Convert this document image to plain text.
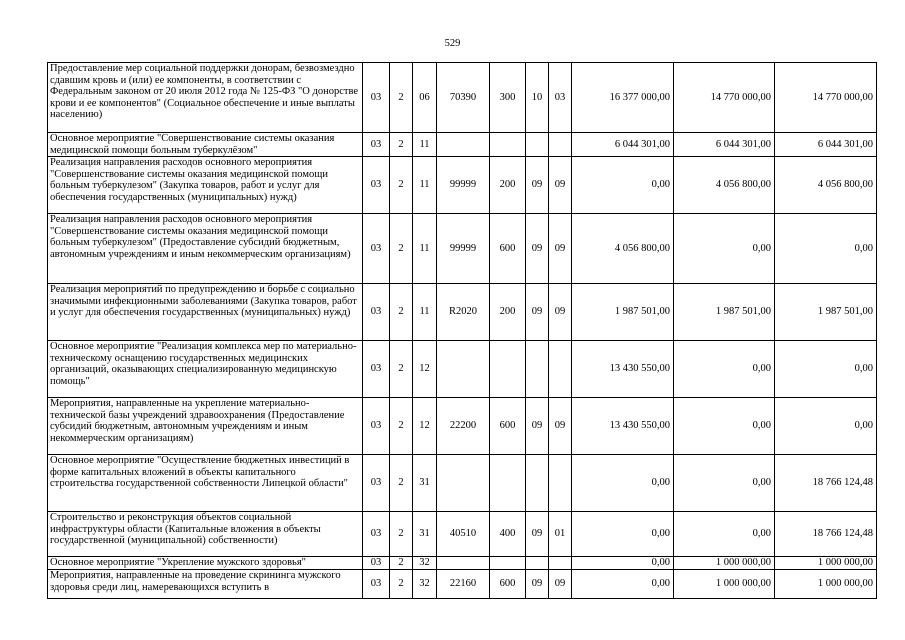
529
Предоставление мер социальной поддержки донорам, безвозмездно сдавшим кровь и (или) ее компоненты, в соответствии с Федеральным законом от 20 июля 2012 года № 125-ФЗ "О донорстве крови и ее компонентов" (Социальное обеспечение и иные выплаты населению)	03	2	06	70390	300	10	03	16 377 000,00	14 770 000,00	14 770 000,00
Основное мероприятие "Совершенствование системы оказания медицинской помощи больным туберкулёзом"	03	2	11					6 044 301,00	6 044 301,00	6 044 301,00
Реализация направления расходов основного мероприятия "Совершенствование системы оказания медицинской помощи больным туберкулезом" (Закупка товаров, работ и услуг для обеспечения государственных (муниципальных) нужд)	03	2	11	99999	200	09	09	0,00	4 056 800,00	4 056 800,00
Реализация направления расходов основного мероприятия "Совершенствование системы оказания медицинской помощи больным туберкулезом" (Предоставление субсидий бюджетным, автономным учреждениям и иным некоммерческим организациям)	03	2	11	99999	600	09	09	4 056 800,00	0,00	0,00
Реализация мероприятий по предупреждению и борьбе с социально значимыми инфекционными заболеваниями (Закупка товаров, работ и услуг для обеспечения государственных (муниципальных) нужд)	03	2	11	R2020	200	09	09	1 987 501,00	1 987 501,00	1 987 501,00
Основное мероприятие "Реализация комплекса мер по материально-техническому оснащению государственных медицинских организаций, оказывающих специализированную медицинскую помощь"	03	2	12					13 430 550,00	0,00	0,00
Мероприятия, направленные на укрепление материально-технической базы учреждений здравоохранения (Предоставление субсидий бюджетным, автономным учреждениям и иным некоммерческим организациям)	03	2	12	22200	600	09	09	13 430 550,00	0,00	0,00
Основное мероприятие "Осуществление бюджетных инвестиций в форме капитальных вложений в объекты капитального строительства государственной собственности Липецкой области"	03	2	31					0,00	0,00	18 766 124,48
Строительство и реконструкция объектов социальной инфраструктуры области (Капитальные вложения в объекты государственной (муниципальной) собственности)	03	2	31	40510	400	09	01	0,00	0,00	18 766 124,48
Основное мероприятие "Укрепление мужского здоровья"	03	2	32					0,00	1 000 000,00	1 000 000,00
Мероприятия, направленные на проведение скрининга мужского здоровья среди лиц, намеревающихся вступить в	03	2	32	22160	600	09	09	0,00	1 000 000,00	1 000 000,00
